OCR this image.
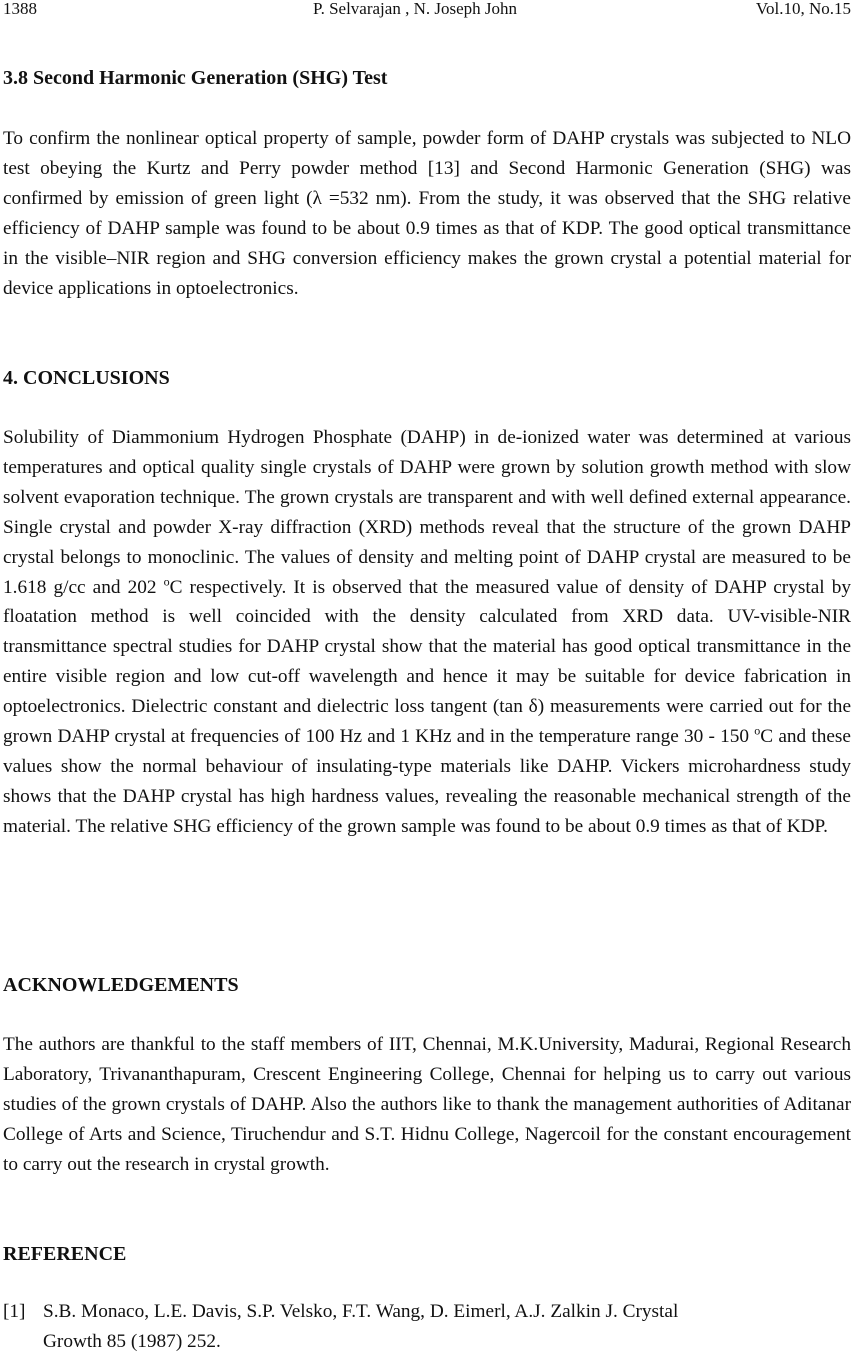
1388	P. Selvarajan , N. Joseph John	Vol.10, No.15
3.8 Second Harmonic Generation (SHG) Test

To confirm the nonlinear optical property of sample, powder form of DAHP crystals was subjected to NLO test obeying the Kurtz and Perry powder method [13] and Second Harmonic Generation (SHG) was confirmed by emission of green light (λ =532 nm). From the study, it was observed that the SHG relative efficiency of DAHP sample was found to be about 0.9 times as that of KDP. The good optical transmittance in the visible–NIR region and SHG conversion efficiency makes the grown crystal a potential material for device applications in optoelectronics.

4. CONCLUSIONS

Solubility of Diammonium Hydrogen Phosphate (DAHP) in de-ionized water was determined at various temperatures and optical quality single crystals of DAHP were grown by solution growth method with slow solvent evaporation technique. The grown crystals are transparent and with well defined external appearance. Single crystal and powder X-ray diffraction (XRD) methods reveal that the structure of the grown DAHP crystal belongs to monoclinic. The values of density and melting point of DAHP crystal are measured to be 1.618 g/cc and 202 $^o$C respectively. It is observed that the measured value of density of DAHP crystal by floatation method is well coincided with the density calculated from XRD data. UV-visible-NIR transmittance spectral studies for DAHP crystal show that the material has good optical transmittance in the entire visible region and low cut-off wavelength and hence it may be suitable for device fabrication in optoelectronics. Dielectric constant and dielectric loss tangent (tan δ) measurements were carried out for the grown DAHP crystal at frequencies of 100 Hz and 1 KHz and in the temperature range 30 - 150 $^o$C and these values show the normal behaviour of insulating-type materials like DAHP. Vickers microhardness study shows that the DAHP crystal has high hardness values, revealing the reasonable mechanical strength of the material. The relative SHG efficiency of the grown sample was found to be about 0.9 times as that of KDP.

ACKNOWLEDGEMENTS

The authors are thankful to the staff members of IIT, Chennai, M.K.University, Madurai, Regional Research Laboratory, Trivananthapuram, Crescent Engineering College, Chennai for helping us to carry out various studies of the grown crystals of DAHP. Also the authors like to thank the management authorities of Aditanar College of Arts and Science, Tiruchendur and S.T. Hidnu College, Nagercoil for the constant encouragement to carry out the research in crystal growth.

REFERENCE
[1] S.B. Monaco, L.E. Davis, S.P. Velsko, F.T. Wang, D. Eimerl, A.J. Zalkin J. Crystal
Growth 85 (1987) 252.
